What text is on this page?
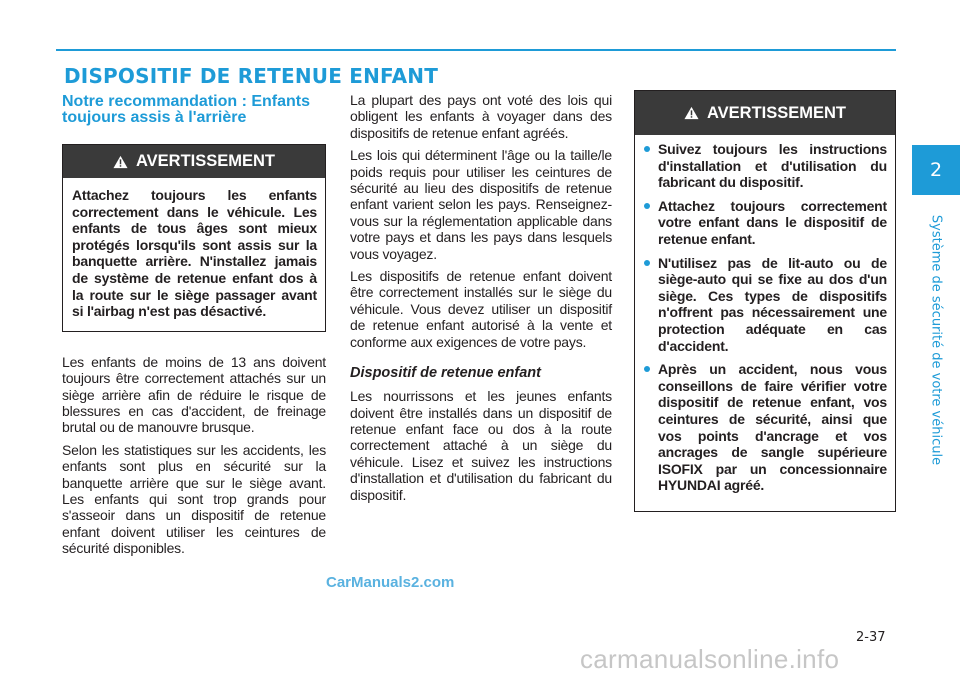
DISPOSITIF DE RETENUE ENFANT
2
Système de sécurité de votre véhicule
Notre recommandation : Enfants toujours assis à l'arrière
AVERTISSEMENT
Attachez toujours les enfants correctement dans le véhicule. Les enfants de tous âges sont mieux protégés lorsqu'ils sont assis sur la banquette arrière. N'installez jamais de système de retenue enfant dos à la route sur le siège passager avant si l'airbag n'est pas désactivé.

Les enfants de moins de 13 ans doivent toujours être correctement attachés sur un siège arrière afin de réduire le risque de blessures en cas d'accident, de freinage brutal ou de manouvre brusque.

Selon les statistiques sur les accidents, les enfants sont plus en sécurité sur la banquette arrière que sur le siège avant. Les enfants qui sont trop grands pour s'asseoir dans un dispositif de retenue enfant doivent utiliser les ceintures de sécurité disponibles.

La plupart des pays ont voté des lois qui obligent les enfants à voyager dans des dispositifs de retenue enfant agréés.

Les lois qui déterminent l'âge ou la taille/le poids requis pour utiliser les ceintures de sécurité au lieu des dispositifs de retenue enfant varient selon les pays. Renseignez-vous sur la réglementation applicable dans votre pays et dans les pays dans lesquels vous voyagez.

Les dispositifs de retenue enfant doivent être correctement installés sur le siège du véhicule. Vous devez utiliser un dispositif de retenue enfant autorisé à la vente et conforme aux exigences de votre pays.

Dispositif de retenue enfant

Les nourrissons et les jeunes enfants doivent être installés dans un dispositif de retenue enfant face ou dos à la route correctement attaché à un siège du véhicule. Lisez et suivez les instructions d'installation et d'utilisation du fabricant du dispositif.

AVERTISSEMENT
Suivez toujours les instructions d'installation et d'utilisation du fabricant du dispositif.
Attachez toujours correctement votre enfant dans le dispositif de retenue enfant.
N'utilisez pas de lit-auto ou de siège-auto qui se fixe au dos d'un siège. Ces types de dispositifs n'offrent pas nécessairement une protection adéquate en cas d'accident.
Après un accident, nous vous conseillons de faire vérifier votre dispositif de retenue enfant, vos ceintures de sécurité, ainsi que vos points d'ancrage et vos ancrages de sangle supérieure ISOFIX par un concessionnaire HYUNDAI agréé.
CarManuals2.com
2-37
carmanualsonline.info
